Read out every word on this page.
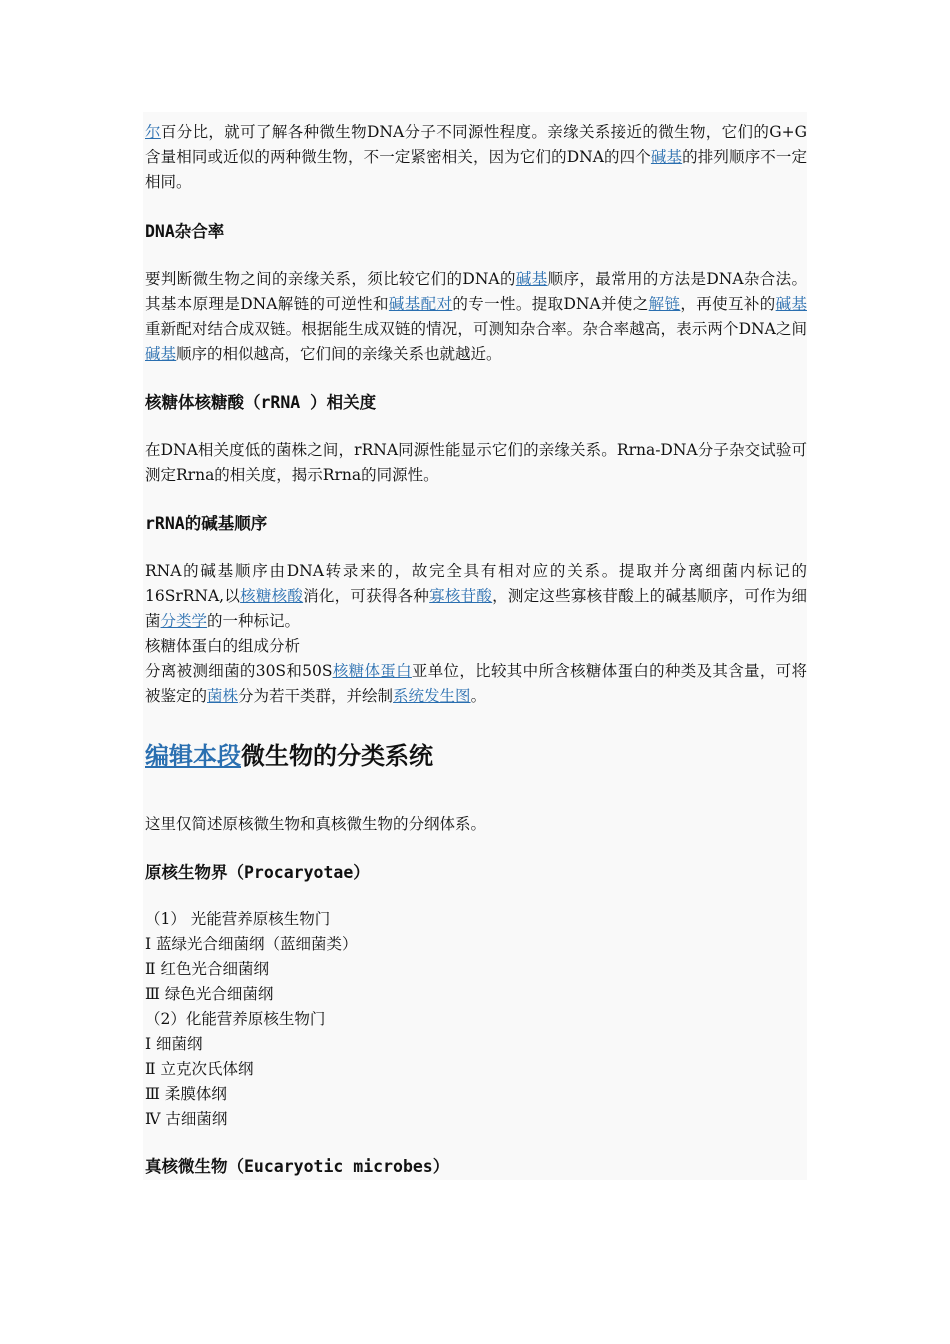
尔百分比，就可了解各种微生物DNA分子不同源性程度。亲缘关系接近的微生物，它们的G+G含量相同或近似的两种微生物，不一定紧密相关，因为它们的DNA的四个碱基的排列顺序不一定相同。

DNA杂合率

要判断微生物之间的亲缘关系，须比较它们的DNA的碱基顺序，最常用的方法是DNA杂合法。其基本原理是DNA解链的可逆性和碱基配对的专一性。提取DNA并使之解链，再使互补的碱基重新配对结合成双链。根据能生成双链的情况，可测知杂合率。杂合率越高，表示两个DNA之间碱基顺序的相似越高，它们间的亲缘关系也就越近。

核糖体核糖酸（rRNA ）相关度

在DNA相关度低的菌株之间，rRNA同源性能显示它们的亲缘关系。Rrna-DNA分子杂交试验可测定Rrna的相关度，揭示Rrna的同源性。

rRNA的碱基顺序

RNA的碱基顺序由DNA转录来的，故完全具有相对应的关系。提取并分离细菌内标记的16SrRNA,以核糖核酸消化，可获得各种寡核苷酸，测定这些寡核苷酸上的碱基顺序，可作为细菌分类学的一种标记。

核糖体蛋白的组成分析

分离被测细菌的30S和50S核糖体蛋白亚单位，比较其中所含核糖体蛋白的种类及其含量，可将被鉴定的菌株分为若干类群，并绘制系统发生图。

编辑本段微生物的分类系统

这里仅简述原核微生物和真核微生物的分纲体系。

原核生物界（Procaryotae）

（1） 光能营养原核生物门

Ⅰ 蓝绿光合细菌纲（蓝细菌类）

Ⅱ 红色光合细菌纲

Ⅲ 绿色光合细菌纲

（2）化能营养原核生物门

Ⅰ 细菌纲

Ⅱ 立克次氏体纲

Ⅲ 柔膜体纲

Ⅳ 古细菌纲

真核微生物（Eucaryotic microbes）
